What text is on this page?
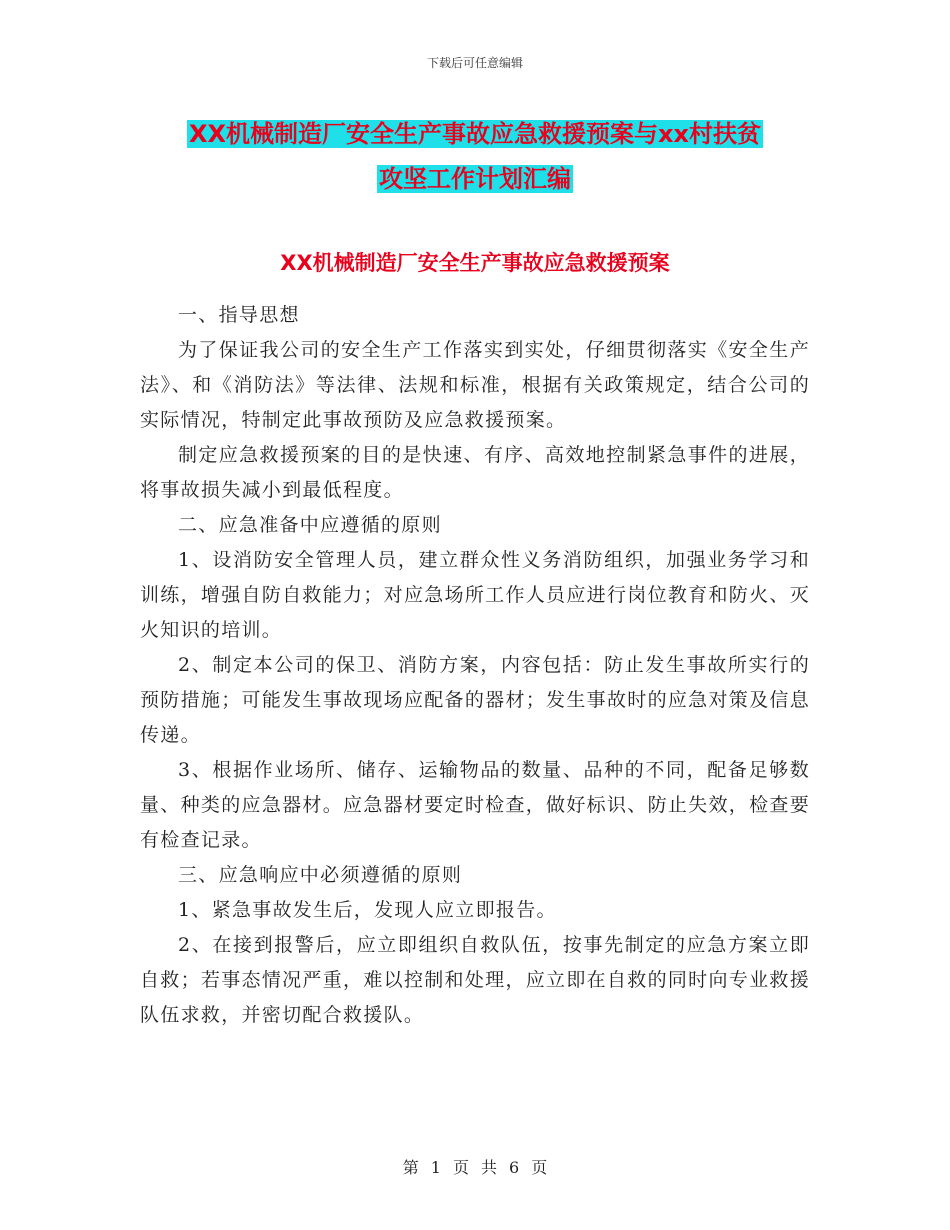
下载后可任意编辑
XX机械制造厂安全生产事故应急救援预案与xx村扶贫
攻坚工作计划汇编
XX机械制造厂安全生产事故应急救援预案

一、指导思想

为了保证我公司的安全生产工作落实到实处，仔细贯彻落实《安全生产法》、和《消防法》等法律、法规和标准，根据有关政策规定，结合公司的实际情况，特制定此事故预防及应急救援预案。

制定应急救援预案的目的是快速、有序、高效地控制紧急事件的进展，将事故损失减小到最低程度。

二、应急准备中应遵循的原则

1、设消防安全管理人员，建立群众性义务消防组织，加强业务学习和训练，增强自防自救能力；对应急场所工作人员应进行岗位教育和防火、灭火知识的培训。

2、制定本公司的保卫、消防方案，内容包括：防止发生事故所实行的预防措施；可能发生事故现场应配备的器材；发生事故时的应急对策及信息传递。

3、根据作业场所、储存、运输物品的数量、品种的不同，配备足够数量、种类的应急器材。应急器材要定时检查，做好标识、防止失效，检查要有检查记录。

三、应急响应中必须遵循的原则

1、紧急事故发生后，发现人应立即报告。

2、在接到报警后，应立即组织自救队伍，按事先制定的应急方案立即自救；若事态情况严重，难以控制和处理，应立即在自救的同时向专业救援队伍求救，并密切配合救援队。

第 1 页 共 6 页
